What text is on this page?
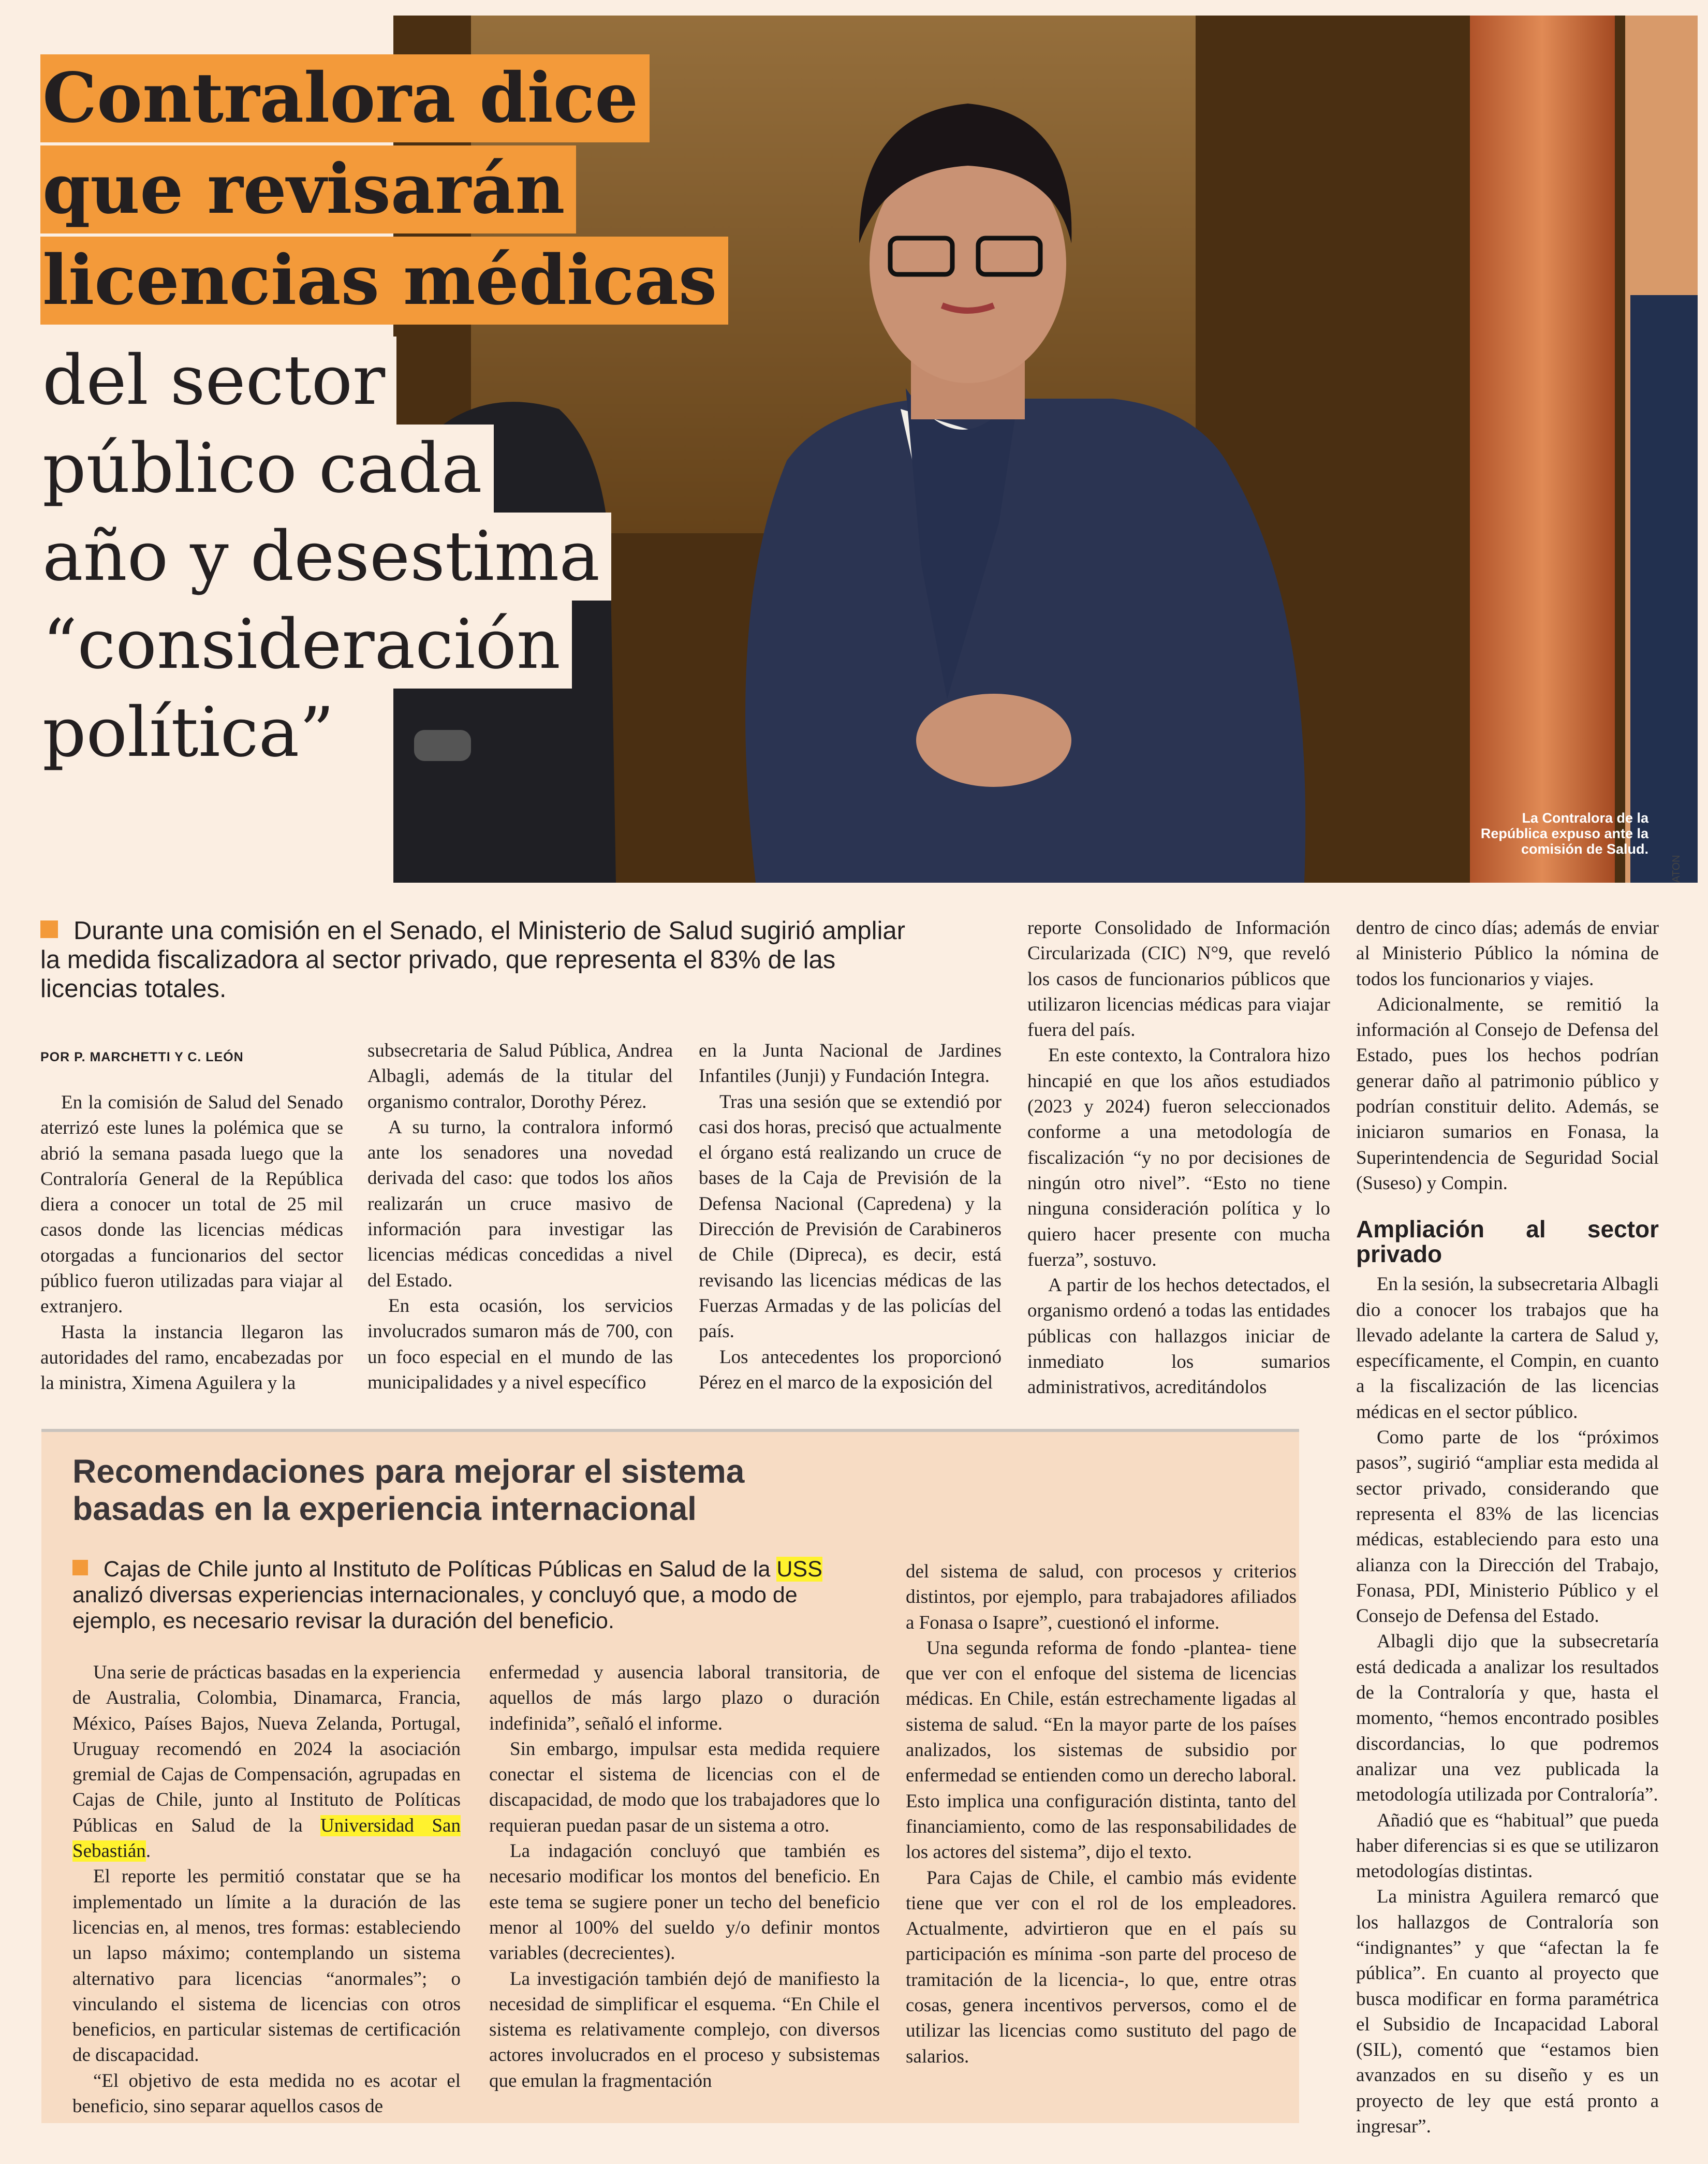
La Contralora de la
República expuso ante la
comisión de Salud.
ATON
Contralora dice
que revisarán
licencias médicas
del sector
público cada
año y desestima
“consideración
política”
Durante una comisión en el Senado, el Ministerio de Salud sugirió ampliar la medida fiscalizadora al sector privado, que representa el 83% de las licencias totales.
POR P. MARCHETTI Y C. LEÓN

En la comisión de Salud del Senado aterrizó este lunes la polémica que se abrió la semana pasada luego que la Contraloría General de la República diera a conocer un total de 25 mil casos donde las licencias médicas otorgadas a funcionarios del sector público fueron utilizadas para viajar al extranjero.

Hasta la instancia llegaron las autoridades del ramo, encabezadas por la ministra, Ximena Aguilera y la

subsecretaria de Salud Pública, Andrea Albagli, además de la titular del organismo contralor, Dorothy Pérez.

A su turno, la contralora informó ante los senadores una novedad derivada del caso: que todos los años realizarán un cruce masivo de información para investigar las licencias médicas concedidas a nivel del Estado.

En esta ocasión, los servicios involucrados sumaron más de 700, con un foco especial en el mundo de las municipalidades y a nivel específico

en la Junta Nacional de Jardines Infantiles (Junji) y Fundación Integra.

Tras una sesión que se extendió por casi dos horas, precisó que actualmente el órgano está realizando un cruce de bases de la Caja de Previsión de la Defensa Nacional (Capredena) y la Dirección de Previsión de Carabineros de Chile (Dipreca), es decir, está revisando las licencias médicas de las Fuerzas Armadas y de las policías del país.

Los antecedentes los proporcionó Pérez en el marco de la exposición del

reporte Consolidado de Información Circularizada (CIC) N°9, que reveló los casos de funcionarios públicos que utilizaron licencias médicas para viajar fuera del país.

En este contexto, la Contralora hizo hincapié en que los años estudiados (2023 y 2024) fueron seleccionados conforme a una metodología de fiscalización “y no por decisiones de ningún otro nivel”. “Esto no tiene ninguna consideración política y lo quiero hacer presente con mucha fuerza”, sostuvo.

A partir de los hechos detectados, el organismo ordenó a todas las entidades públicas con hallazgos iniciar de inmediato los sumarios administrativos, acreditándolos

dentro de cinco días; además de enviar al Ministerio Público la nómina de todos los funcionarios y viajes.

Adicionalmente, se remitió la información al Consejo de Defensa del Estado, pues los hechos podrían generar daño al patrimonio público y podrían constituir delito. Además, se iniciaron sumarios en Fonasa, la Superintendencia de Seguridad Social (Suseso) y Compin.

Ampliación al sector privado

En la sesión, la subsecretaria Albagli dio a conocer los trabajos que ha llevado adelante la cartera de Salud y, específicamente, el Compin, en cuanto a la fiscalización de las licencias médicas en el sector público.

Como parte de los “próximos pasos”, sugirió “ampliar esta medida al sector privado, considerando que representa el 83% de las licencias médicas, estableciendo para esto una alianza con la Dirección del Trabajo, Fonasa, PDI, Ministerio Público y el Consejo de Defensa del Estado.

Albagli dijo que la subsecretaría está dedicada a analizar los resultados de la Contraloría y que, hasta el momento, “hemos encontrado posibles discordancias, lo que podremos analizar una vez publicada la metodología utilizada por Contraloría”.

Añadió que es “habitual” que pueda haber diferencias si es que se utilizaron metodologías distintas.

La ministra Aguilera remarcó que los hallazgos de Contraloría son “indignantes” y que “afectan la fe pública”. En cuanto al proyecto que busca modificar en forma paramétrica el Subsidio de Incapacidad Laboral (SIL), comentó que “estamos bien avanzados en su diseño y es un proyecto de ley que está pronto a ingresar”.

Recomendaciones para mejorar el sistema
basadas en la experiencia internacional
Cajas de Chile junto al Instituto de Políticas Públicas en Salud de la USS analizó diversas experiencias internacionales, y concluyó que, a modo de ejemplo, es necesario revisar la duración del beneficio.

Una serie de prácticas basadas en la experiencia de Australia, Colombia, Dinamarca, Francia, México, Países Bajos, Nueva Zelanda, Portugal, Uruguay recomendó en 2024 la asociación gremial de Cajas de Compensación, agrupadas en Cajas de Chile, junto al Instituto de Políticas Públicas en Salud de la Universidad San Sebastián.

El reporte les permitió constatar que se ha implementado un límite a la duración de las licencias en, al menos, tres formas: estableciendo un lapso máximo; contemplando un sistema alternativo para licencias “anormales”; o vinculando el sistema de licencias con otros beneficios, en particular sistemas de certificación de discapacidad.

“El objetivo de esta medida no es acotar el beneficio, sino separar aquellos casos de

enfermedad y ausencia laboral transitoria, de aquellos de más largo plazo o duración indefinida”, señaló el informe.

Sin embargo, impulsar esta medida requiere conectar el sistema de licencias con el de discapacidad, de modo que los trabajadores que lo requieran puedan pasar de un sistema a otro.

La indagación concluyó que también es necesario modificar los montos del beneficio. En este tema se sugiere poner un techo del beneficio menor al 100% del sueldo y/o definir montos variables (decrecientes).

La investigación también dejó de manifiesto la necesidad de simplificar el esquema. “En Chile el sistema es relativamente complejo, con diversos actores involucrados en el proceso y subsistemas que emulan la fragmentación

del sistema de salud, con procesos y criterios distintos, por ejemplo, para trabajadores afiliados a Fonasa o Isapre”, cuestionó el informe.

Una segunda reforma de fondo -plantea- tiene que ver con el enfoque del sistema de licencias médicas. En Chile, están estrechamente ligadas al sistema de salud. “En la mayor parte de los países analizados, los sistemas de subsidio por enfermedad se entienden como un derecho laboral. Esto implica una configuración distinta, tanto del financiamiento, como de las responsabilidades de los actores del sistema”, dijo el texto.

Para Cajas de Chile, el cambio más evidente tiene que ver con el rol de los empleadores. Actualmente, advirtieron que en el país su participación es mínima -son parte del proceso de tramitación de la licencia-, lo que, entre otras cosas, genera incentivos perversos, como el de utilizar las licencias como sustituto del pago de salarios.
